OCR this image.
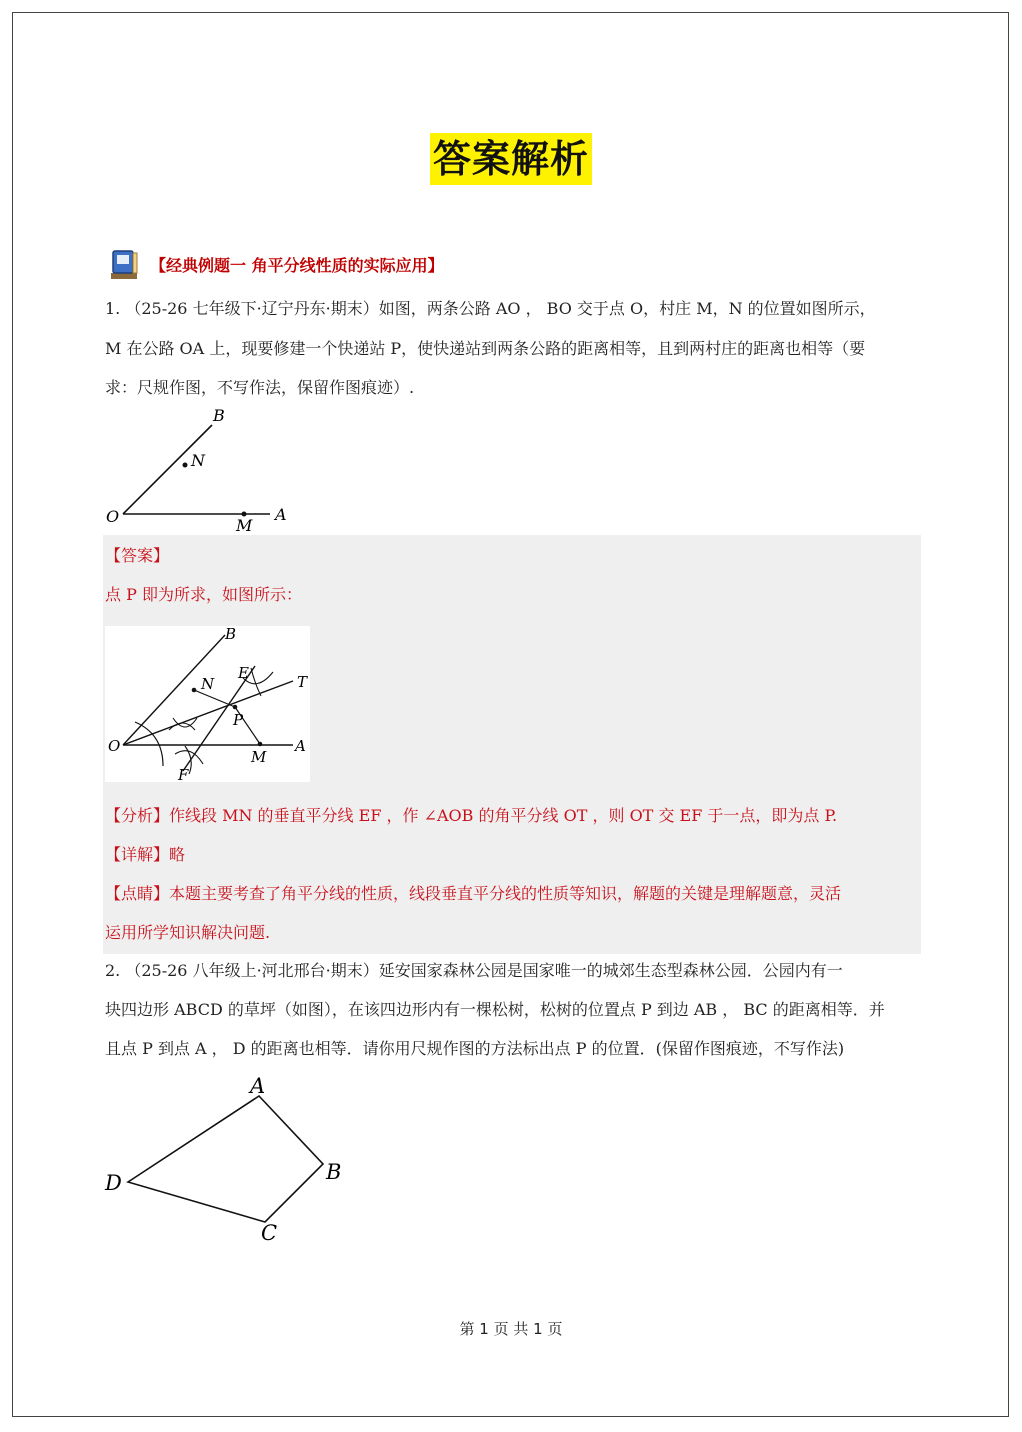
答案解析
【经典例题一 角平分线性质的实际应用】
1. （25-26 七年级下·辽宁丹东·期末）如图，两条公路 AO ， BO 交于点 O，村庄 M，N 的位置如图所示，
M 在公路 OA 上，现要修建一个快递站 P，使快递站到两条公路的距离相等，且到两村庄的距离也相等（要
求：尺规作图，不写作法，保留作图痕迹）.
B
N
O	M
A
【答案】
点 P 即为所求，如图所示：
B
E
N	T
P
O
M
A
F
【分析】作线段 MN 的垂直平分线 EF ，作 ∠AOB 的角平分线 OT ，则 OT 交 EF 于一点，即为点 P.
【详解】略
【点睛】本题主要考查了角平分线的性质，线段垂直平分线的性质等知识，解题的关键是理解题意，灵活
运用所学知识解决问题.
2. （25-26 八年级上·河北邢台·期末）延安国家森林公园是国家唯一的城郊生态型森林公园．公园内有一
块四边形 ABCD 的草坪（如图），在该四边形内有一棵松树，松树的位置点 P 到边 AB ， BC 的距离相等．并
且点 P 到点 A ， D 的距离也相等．请你用尺规作图的方法标出点 P 的位置．(保留作图痕迹，不写作法)
A
B
C
D
第 1 页 共 1 页
